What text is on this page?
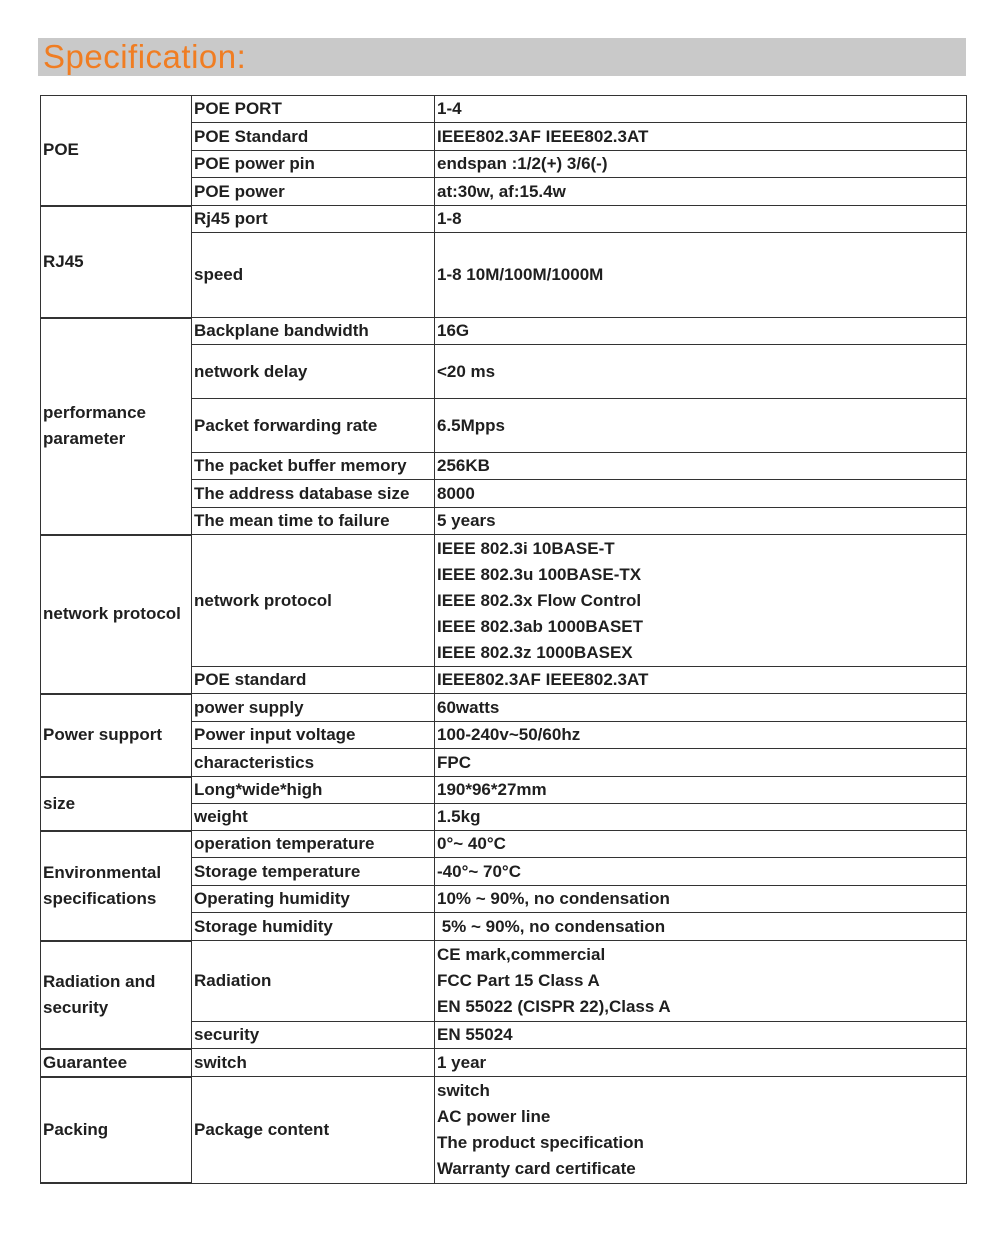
Specification:
POE	POE PORT	1-4

	POE Standard	IEEE802.3AF IEEE802.3AT

	POE power pin	endspan :1/2(+) 3/6(-)

	POE power	at:30w, af:15.4w

RJ45	Rj45 port	1-8

	speed	1-8 10M/100M/1000M

performance parameter	Backplane bandwidth	16G

	network delay	<20 ms

	Packet forwarding rate	6.5Mpps

	The packet buffer memory	256KB

	The address database size	8000

	The mean time to failure	5 years

network protocol	network protocol	IEEE 802.3i 10BASE-T
IEEE 802.3u 100BASE-TX
IEEE 802.3x Flow Control
IEEE 802.3ab 1000BASET
IEEE 802.3z 1000BASEX

	POE standard	IEEE802.3AF IEEE802.3AT

Power support	power supply	60watts

	Power input voltage	100-240v~50/60hz

	characteristics	FPC

size	Long*wide*high	190*96*27mm

	weight	1.5kg

Environmental specifications	operation temperature	0°~ 40°C

	Storage temperature	-40°~ 70°C

	Operating humidity	10% ~ 90%, no condensation

	Storage humidity	5% ~ 90%, no condensation

Radiation and security	Radiation	CE mark,commercial
FCC Part 15 Class A
EN 55022 (CISPR 22),Class A

	security	EN 55024

Guarantee	switch	1 year

Packing	Package content	switch
AC power line
The product specification
Warranty card certificate
